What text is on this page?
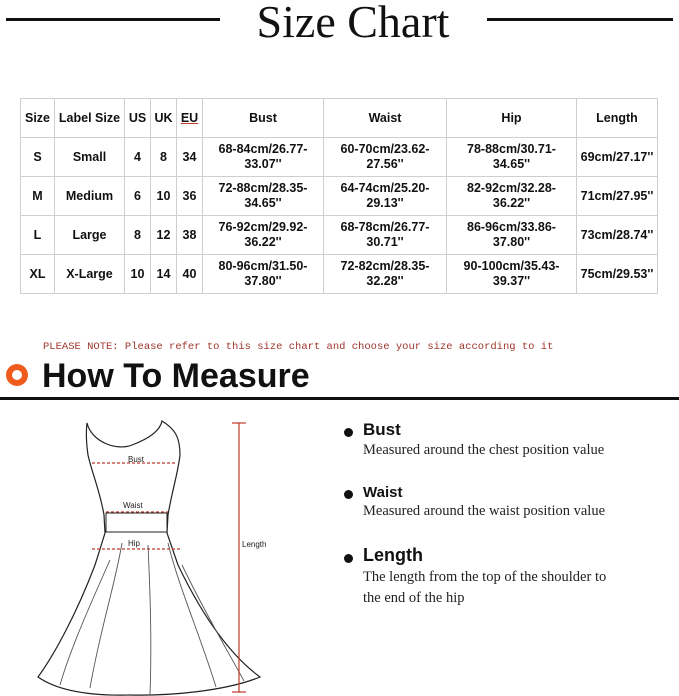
Size Chart
Size	Label Size	US	UK	EU	Bust	Waist	Hip	Length
S	Small	4	8	34	68-84cm/26.77-33.07''	60-70cm/23.62-27.56''	78-88cm/30.71-34.65''	69cm/27.17''
M	Medium	6	10	36	72-88cm/28.35-34.65''	64-74cm/25.20-29.13''	82-92cm/32.28-36.22''	71cm/27.95''
L	Large	8	12	38	76-92cm/29.92-36.22''	68-78cm/26.77-30.71''	86-96cm/33.86-37.80''	73cm/28.74''
XL	X-Large	10	14	40	80-96cm/31.50-37.80''	72-82cm/28.35-32.28''	90-100cm/35.43-39.37''	75cm/29.53''
PLEASE NOTE: Please refer to this size chart and choose your size according to it
How To Measure
Bust
Waist
Hip	Length
Bust
Measured around the chest position value
Waist
Measured around the waist position value
Length
The length from the top of the shoulder to
the end of the hip
